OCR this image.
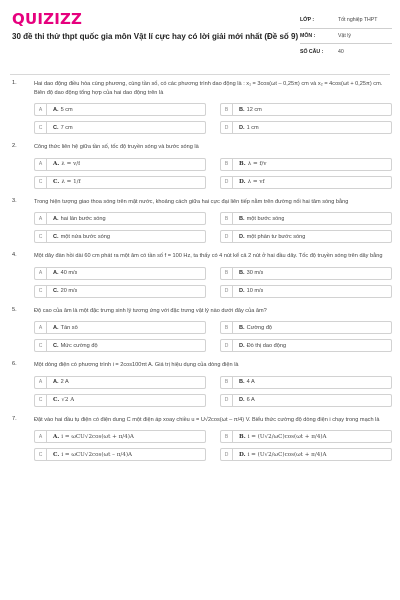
QUIZIZZ
30 đề thi thử thpt quốc gia môn Vật lí cực hay có lời giải mới nhất (Đề số 9)
LỚP :	Tốt nghiệp THPT
MÔN :	Vật lý
SỐ CÂU :	40
1.	Hai dao động điều hòa cùng phương, cùng tần số, có các phương trình dao động là : x₁ = 3cos(ωt – 0,25π) cm và x₂ = 4cos(ωt + 0,25π) cm. Biên độ dao động tổng hợp của hai dao động trên là
A	A. 5 cm	B	B. 12 cm
C	C. 7 cm	D	D. 1 cm
2.	Công thức liên hệ giữa tần số, tốc độ truyền sóng và bước sóng là
A	A. λ = v/f	B	B. λ = f/v
C	C. λ = 1/f	D	D. λ = vf
3.	Trong hiện tượng giao thoa sóng trên mặt nước, khoảng cách giữa hai cực đại liên tiếp nằm trên đường nối hai tâm sóng bằng
A	A. hai lần bước sóng	B	B. một bước sóng
C	C. một nửa bước sóng	D	D. một phần tư bước sóng
4.	Một dây đàn hồi dài 60 cm phát ra một âm có tần số f = 100 Hz, ta thấy có 4 nút kể cả 2 nút ở hai đầu dây. Tốc độ truyền sóng trên dây bằng
A	A. 40 m/s	B	B. 30 m/s
C	C. 20 m/s	D	D. 10 m/s
5.	Độ cao của âm là một đặc trưng sinh lý tương ứng với đặc trưng vật lý nào dưới đây của âm?
A	A. Tần số	B	B. Cường độ
C	C. Mức cường độ	D	D. Đồ thị dao động
6.	Một dòng điện có phương trình i = 2cos100πt A. Giá trị hiệu dụng của dòng điện là
A	A. 2 A	B	B. 4 A
C	C. √2 A	D	D. 6 A
7.	Đặt vào hai đầu tụ điện có điện dung C một điện áp xoay chiều u = U√2cos(ωt – π/4) V. Biểu thức cường độ dòng điện i chạy trong mạch là
A	A. i = ωCU√2cos(ωt + π/4)A	B	B. i = (U√2/ωC)cos(ωt + π/4)A
C	C. i = ωCU√2cos(ωt – π/4)A	D	D. i = (U√2/ωC)cos(ωt + π/4)A
